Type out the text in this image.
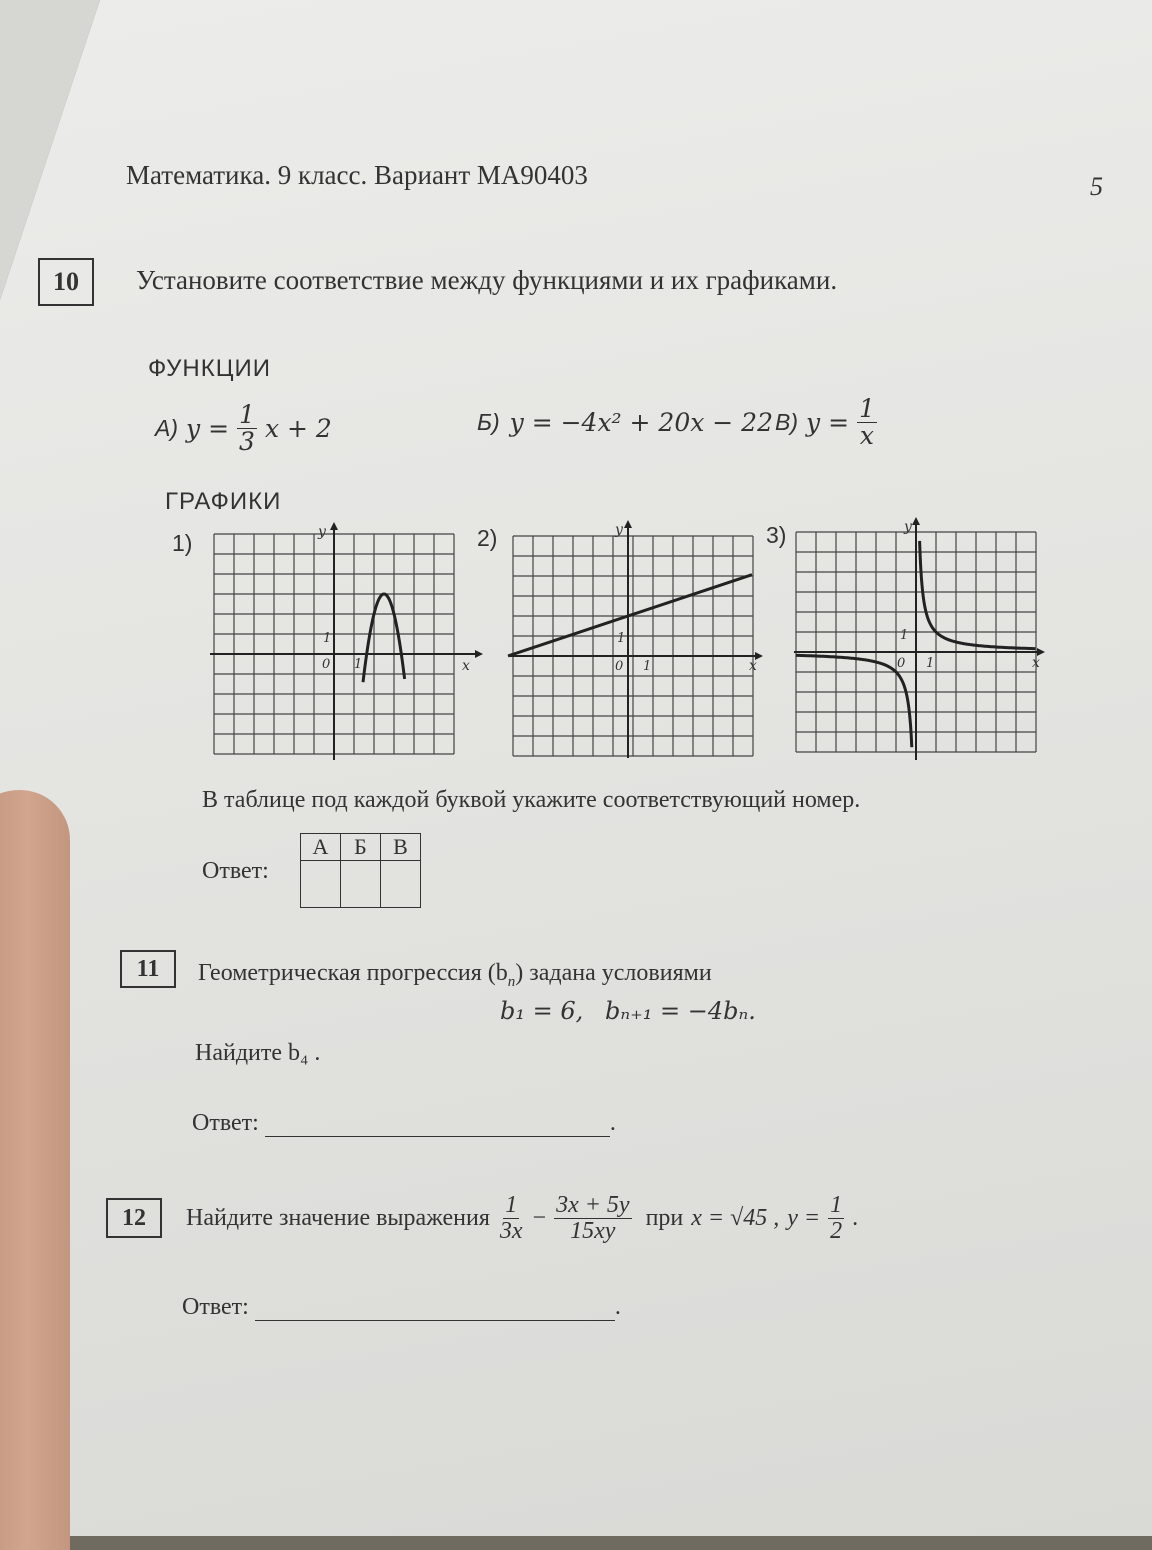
Математика. 9 класс. Вариант МА90403	5
10	Установите соответствие между функциями и их графиками.
ФУНКЦИИ
А) $y = \frac{1}{3}$ x + 2	Б) y = −4x² + 20x − 22 В) $y = \frac{1}{x}$
ГРАФИКИ
1)	2)	3)
x
y
0 1
1
x
y
0 1
1
x
y
0 1
1
В таблице под каждой буквой укажите соответствующий номер.
Ответ:
А	Б	В

11	Геометрическая прогрессия $(b_n)$ задана условиями
b₁ = 6, bₙ₊₁ = −4bₙ.
Найдите b₄ .
Ответ:	.
12	Найдите значение выражения $\frac{1}{3x} - \frac{3x + 5y}{15xy}$ при x = √45 , $y = \frac{1}{2}$ .
Ответ:	.
